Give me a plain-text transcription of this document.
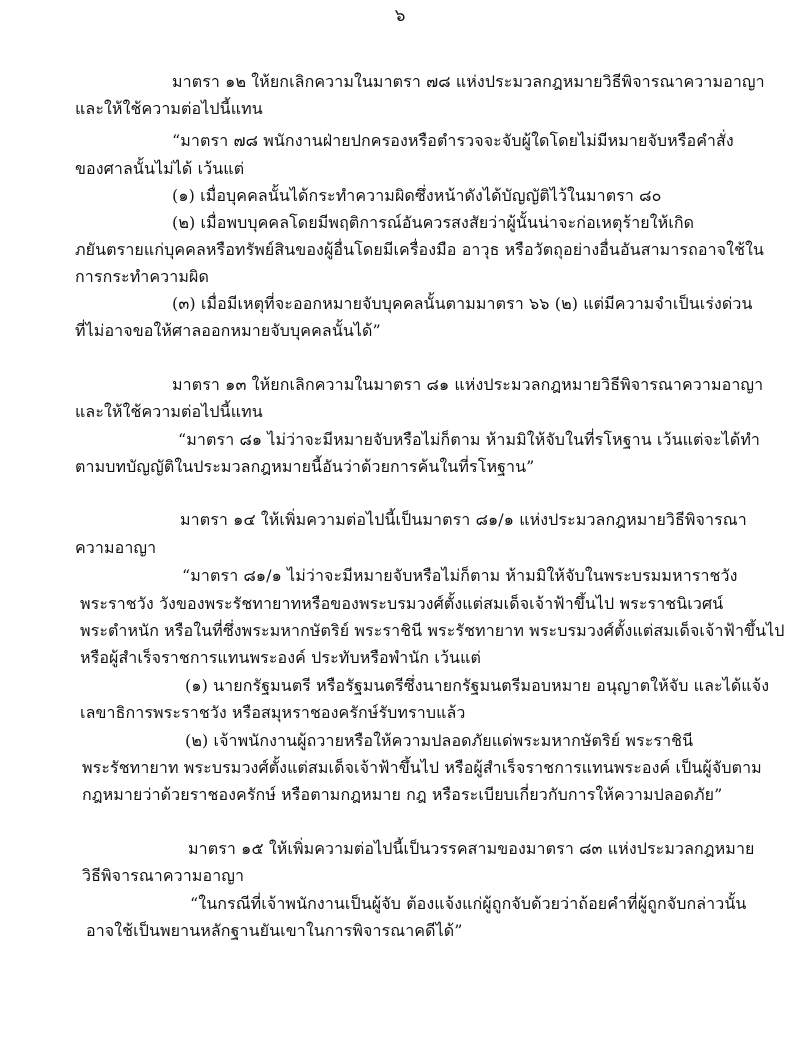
๖
มาตรา ๑๒ ให้ยกเลิกความในมาตรา ๗๘ แห่งประมวลกฎหมายวิธีพิจารณาความอาญา
และให้ใช้ความต่อไปนี้แทน
“มาตรา ๗๘ พนักงานฝ่ายปกครองหรือตำรวจจะจับผู้ใดโดยไม่มีหมายจับหรือคำสั่ง
ของศาลนั้นไม่ได้ เว้นแต่
(๑) เมื่อบุคคลนั้นได้กระทำความผิดซึ่งหน้าดังได้บัญญัติไว้ในมาตรา ๘๐
(๒) เมื่อพบบุคคลโดยมีพฤติการณ์อันควรสงสัยว่าผู้นั้นน่าจะก่อเหตุร้ายให้เกิด
ภยันตรายแก่บุคคลหรือทรัพย์สินของผู้อื่นโดยมีเครื่องมือ อาวุธ หรือวัตถุอย่างอื่นอันสามารถอาจใช้ใน
การกระทำความผิด
(๓) เมื่อมีเหตุที่จะออกหมายจับบุคคลนั้นตามมาตรา ๖๖ (๒) แต่มีความจำเป็นเร่งด่วน
ที่ไม่อาจขอให้ศาลออกหมายจับบุคคลนั้นได้”
มาตรา ๑๓ ให้ยกเลิกความในมาตรา ๘๑ แห่งประมวลกฎหมายวิธีพิจารณาความอาญา
และให้ใช้ความต่อไปนี้แทน
“มาตรา ๘๑ ไม่ว่าจะมีหมายจับหรือไม่ก็ตาม ห้ามมิให้จับในที่รโหฐาน เว้นแต่จะได้ทำ
ตามบทบัญญัติในประมวลกฎหมายนี้อันว่าด้วยการค้นในที่รโหฐาน”
มาตรา ๑๔ ให้เพิ่มความต่อไปนี้เป็นมาตรา ๘๑/๑ แห่งประมวลกฎหมายวิธีพิจารณา
ความอาญา
“มาตรา ๘๑/๑ ไม่ว่าจะมีหมายจับหรือไม่ก็ตาม ห้ามมิให้จับในพระบรมมหาราชวัง
พระราชวัง วังของพระรัชทายาทหรือของพระบรมวงศ์ตั้งแต่สมเด็จเจ้าฟ้าขึ้นไป พระราชนิเวศน์
พระตำหนัก หรือในที่ซึ่งพระมหากษัตริย์ พระราชินี พระรัชทายาท พระบรมวงศ์ตั้งแต่สมเด็จเจ้าฟ้าขึ้นไป
หรือผู้สำเร็จราชการแทนพระองค์ ประทับหรือพำนัก เว้นแต่
(๑) นายกรัฐมนตรี หรือรัฐมนตรีซึ่งนายกรัฐมนตรีมอบหมาย อนุญาตให้จับ และได้แจ้ง
เลขาธิการพระราชวัง หรือสมุหราชองครักษ์รับทราบแล้ว
(๒) เจ้าพนักงานผู้ถวายหรือให้ความปลอดภัยแด่พระมหากษัตริย์ พระราชินี
พระรัชทายาท พระบรมวงศ์ตั้งแต่สมเด็จเจ้าฟ้าขึ้นไป หรือผู้สำเร็จราชการแทนพระองค์ เป็นผู้จับตาม
กฎหมายว่าด้วยราชองครักษ์ หรือตามกฎหมาย กฎ หรือระเบียบเกี่ยวกับการให้ความปลอดภัย”
มาตรา ๑๕ ให้เพิ่มความต่อไปนี้เป็นวรรคสามของมาตรา ๘๓ แห่งประมวลกฎหมาย
วิธีพิจารณาความอาญา
“ในกรณีที่เจ้าพนักงานเป็นผู้จับ ต้องแจ้งแก่ผู้ถูกจับด้วยว่าถ้อยคำที่ผู้ถูกจับกล่าวนั้น
อาจใช้เป็นพยานหลักฐานยันเขาในการพิจารณาคดีได้”
